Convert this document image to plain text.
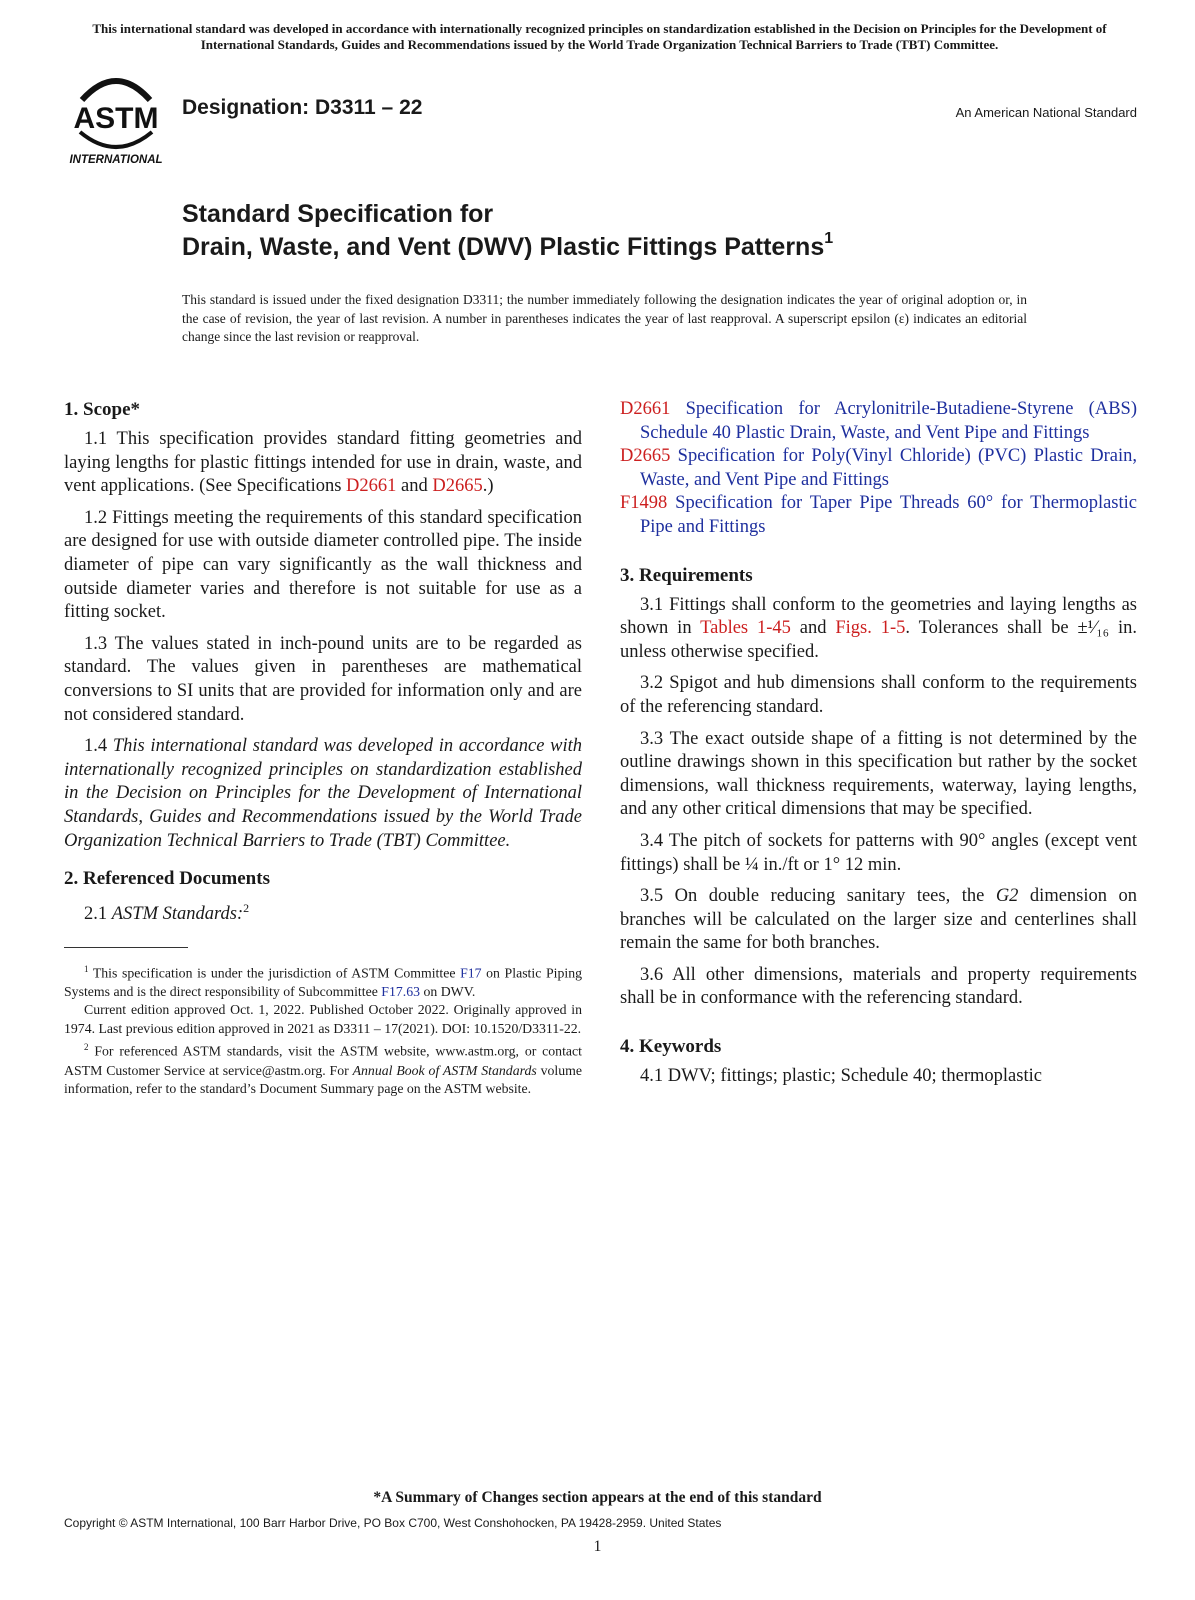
This international standard was developed in accordance with internationally recognized principles on standardization established in the Decision on Principles for the Development of International Standards, Guides and Recommendations issued by the World Trade Organization Technical Barriers to Trade (TBT) Committee.
ASTM
INTERNATIONAL
Designation: D3311 – 22	An American National Standard
Standard Specification for
Drain, Waste, and Vent (DWV) Plastic Fittings Patterns$^1$
This standard is issued under the fixed designation D3311; the number immediately following the designation indicates the year of original adoption or, in the case of revision, the year of last revision. A number in parentheses indicates the year of last reapproval. A superscript epsilon (ε) indicates an editorial change since the last revision or reapproval.
1. Scope*

1.1 This specification provides standard fitting geometries and laying lengths for plastic fittings intended for use in drain, waste, and vent applications. (See Specifications D2661 and D2665.)

1.2 Fittings meeting the requirements of this standard specification are designed for use with outside diameter controlled pipe. The inside diameter of pipe can vary significantly as the wall thickness and outside diameter varies and therefore is not suitable for use as a fitting socket.

1.3 The values stated in inch-pound units are to be regarded as standard. The values given in parentheses are mathematical conversions to SI units that are provided for information only and are not considered standard.

1.4 This international standard was developed in accordance with internationally recognized principles on standardization established in the Decision on Principles for the Development of International Standards, Guides and Recommendations issued by the World Trade Organization Technical Barriers to Trade (TBT) Committee.

2. Referenced Documents

2.1 ASTM Standards:$^2$

$^1$ This specification is under the jurisdiction of ASTM Committee F17 on Plastic Piping Systems and is the direct responsibility of Subcommittee F17.63 on DWV.

Current edition approved Oct. 1, 2022. Published October 2022. Originally approved in 1974. Last previous edition approved in 2021 as D3311 – 17(2021). DOI: 10.1520/D3311-22.

$^2$ For referenced ASTM standards, visit the ASTM website, www.astm.org, or contact ASTM Customer Service at service@astm.org. For Annual Book of ASTM Standards volume information, refer to the standard’s Document Summary page on the ASTM website.

D2661 Specification for Acrylonitrile-Butadiene-Styrene (ABS) Schedule 40 Plastic Drain, Waste, and Vent Pipe and Fittings
D2665 Specification for Poly(Vinyl Chloride) (PVC) Plastic Drain, Waste, and Vent Pipe and Fittings
F1498 Specification for Taper Pipe Threads 60° for Thermoplastic Pipe and Fittings
3. Requirements

3.1 Fittings shall conform to the geometries and laying lengths as shown in Tables 1-45 and Figs. 1-5. Tolerances shall be ±¹⁄₁₆ in. unless otherwise specified.

3.2 Spigot and hub dimensions shall conform to the requirements of the referencing standard.

3.3 The exact outside shape of a fitting is not determined by the outline drawings shown in this specification but rather by the socket dimensions, wall thickness requirements, waterway, laying lengths, and any other critical dimensions that may be specified.

3.4 The pitch of sockets for patterns with 90° angles (except vent fittings) shall be ¼ in./ft or 1° 12 min.

3.5 On double reducing sanitary tees, the G2 dimension on branches will be calculated on the larger size and centerlines shall remain the same for both branches.

3.6 All other dimensions, materials and property requirements shall be in conformance with the referencing standard.

4. Keywords

4.1 DWV; fittings; plastic; Schedule 40; thermoplastic

*A Summary of Changes section appears at the end of this standard
Copyright © ASTM International, 100 Barr Harbor Drive, PO Box C700, West Conshohocken, PA 19428-2959. United States
1
